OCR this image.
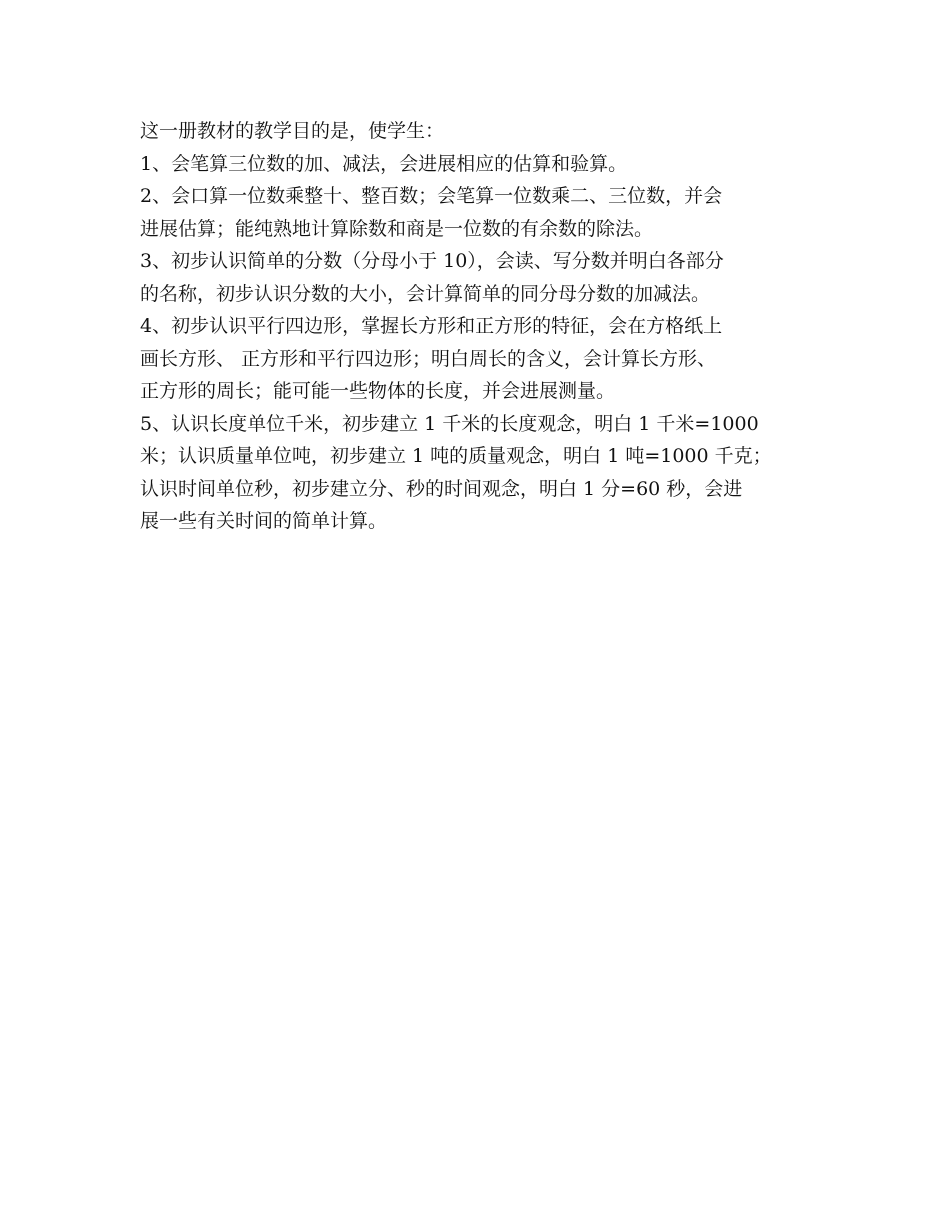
这一册教材的教学目的是，使学生：
1、会笔算三位数的加、减法，会进展相应的估算和验算。
2、会口算一位数乘整十、整百数；会笔算一位数乘二、三位数，并会
进展估算；能纯熟地计算除数和商是一位数的有余数的除法。
3、初步认识简单的分数（分母小于 10），会读、写分数并明白各部分
的名称，初步认识分数的大小，会计算简单的同分母分数的加减法。
4、初步认识平行四边形，掌握长方形和正方形的特征，会在方格纸上
画长方形、 正方形和平行四边形；明白周长的含义，会计算长方形、
正方形的周长；能可能一些物体的长度，并会进展测量。
5、认识长度单位千米，初步建立 1 千米的长度观念，明白 1 千米=1000
米；认识质量单位吨，初步建立 1 吨的质量观念，明白 1 吨=1000 千克；
认识时间单位秒，初步建立分、秒的时间观念，明白 1 分=60 秒，会进
展一些有关时间的简单计算。
